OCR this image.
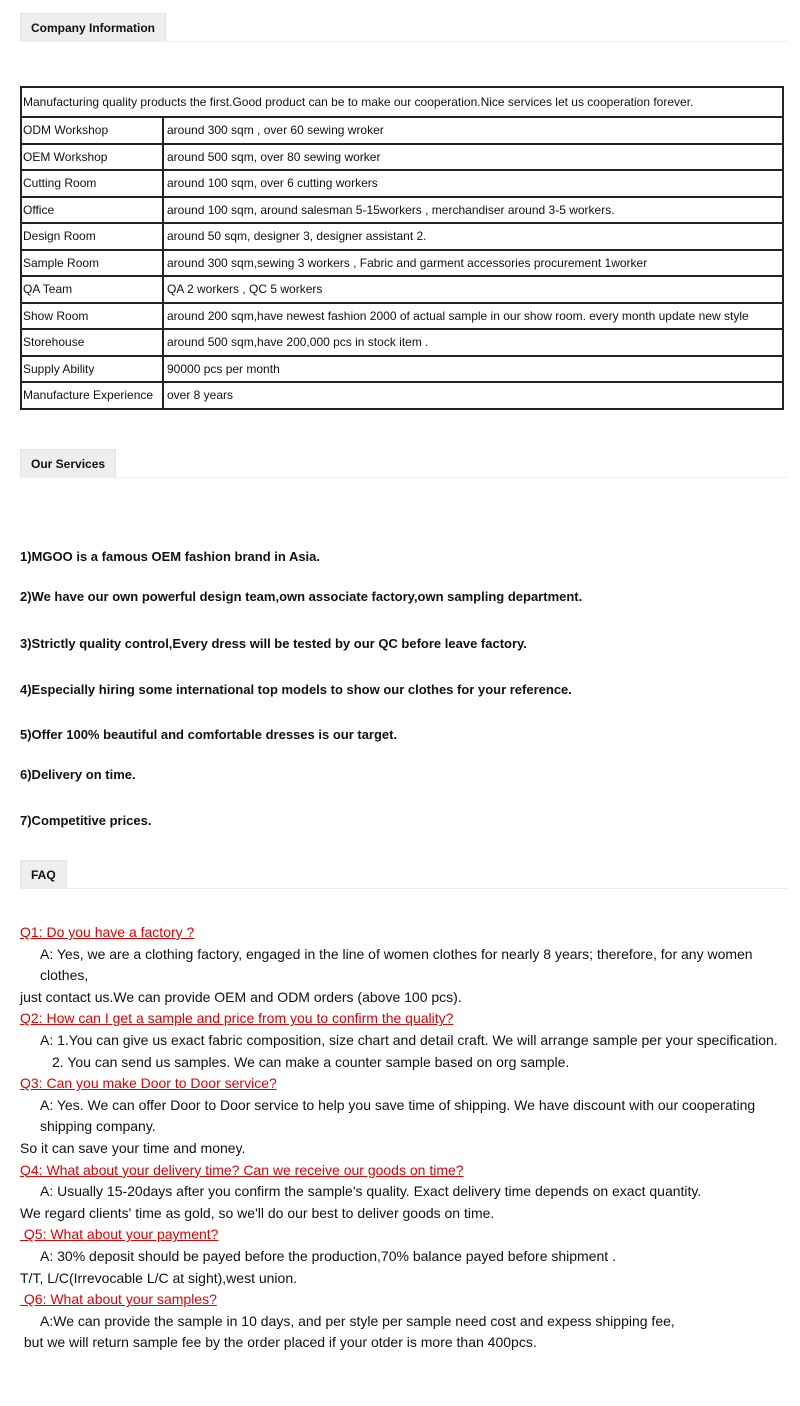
Company Information
Manufacturing quality products the first.Good product can be to make our cooperation.Nice services let us cooperation forever.	
ODM Workshop	around 300 sqm , over 60 sewing wroker
OEM Workshop	around 500 sqm, over 80 sewing worker
Cutting Room	around 100 sqm, over 6 cutting workers
Office	around 100 sqm, around salesman 5-15workers , merchandiser around 3-5 workers.
Design Room	around 50 sqm, designer 3, designer assistant 2.
Sample Room	around 300 sqm,sewing 3 workers , Fabric and garment accessories procurement 1worker
QA Team	QA 2 workers , QC 5 workers
Show Room	around 200 sqm,have newest fashion 2000 of actual sample in our show room. every month update new style
Storehouse	around 500 sqm,have 200,000 pcs in stock item .
Supply Ability	90000 pcs per month
Manufacture Experience	over 8 years
Our Services
1)MGOO is a famous OEM fashion brand in Asia.
2)We have our own powerful design team,own associate factory,own sampling department.
3)Strictly quality control,Every dress will be tested by our QC before leave factory.
4)Especially hiring some international top models to show our clothes for your reference.
5)Offer 100% beautiful and comfortable dresses is our target.
6)Delivery on time.
7)Competitive prices.
FAQ
Q1: Do you have a factory ?
A: Yes, we are a clothing factory, engaged in the line of women clothes for nearly 8 years; therefore, for any women clothes,
just contact us.We can provide OEM and ODM orders (above 100 pcs).
Q2: How can I get a sample and price from you to confirm the quality?
A: 1.You can give us exact fabric composition, size chart and detail craft. We will arrange sample per your specification.
2. You can send us samples. We can make a counter sample based on org sample.
Q3: Can you make Door to Door service?
A: Yes. We can offer Door to Door service to help you save time of shipping. We have discount with our cooperating shipping company.
So it can save your time and money.
Q4: What about your delivery time? Can we receive our goods on time?
A: Usually 15-20days after you confirm the sample's quality. Exact delivery time depends on exact quantity.
We regard clients' time as gold, so we'll do our best to deliver goods on time.
Q5: What about your payment?
A: 30% deposit should be payed before the production,70% balance payed before shipment .
T/T, L/C(Irrevocable L/C at sight),west union.
Q6: What about your samples?
A:We can provide the sample in 10 days, and per style per sample need cost and expess shipping fee,
but we will return sample fee by the order placed if your otder is more than 400pcs.
